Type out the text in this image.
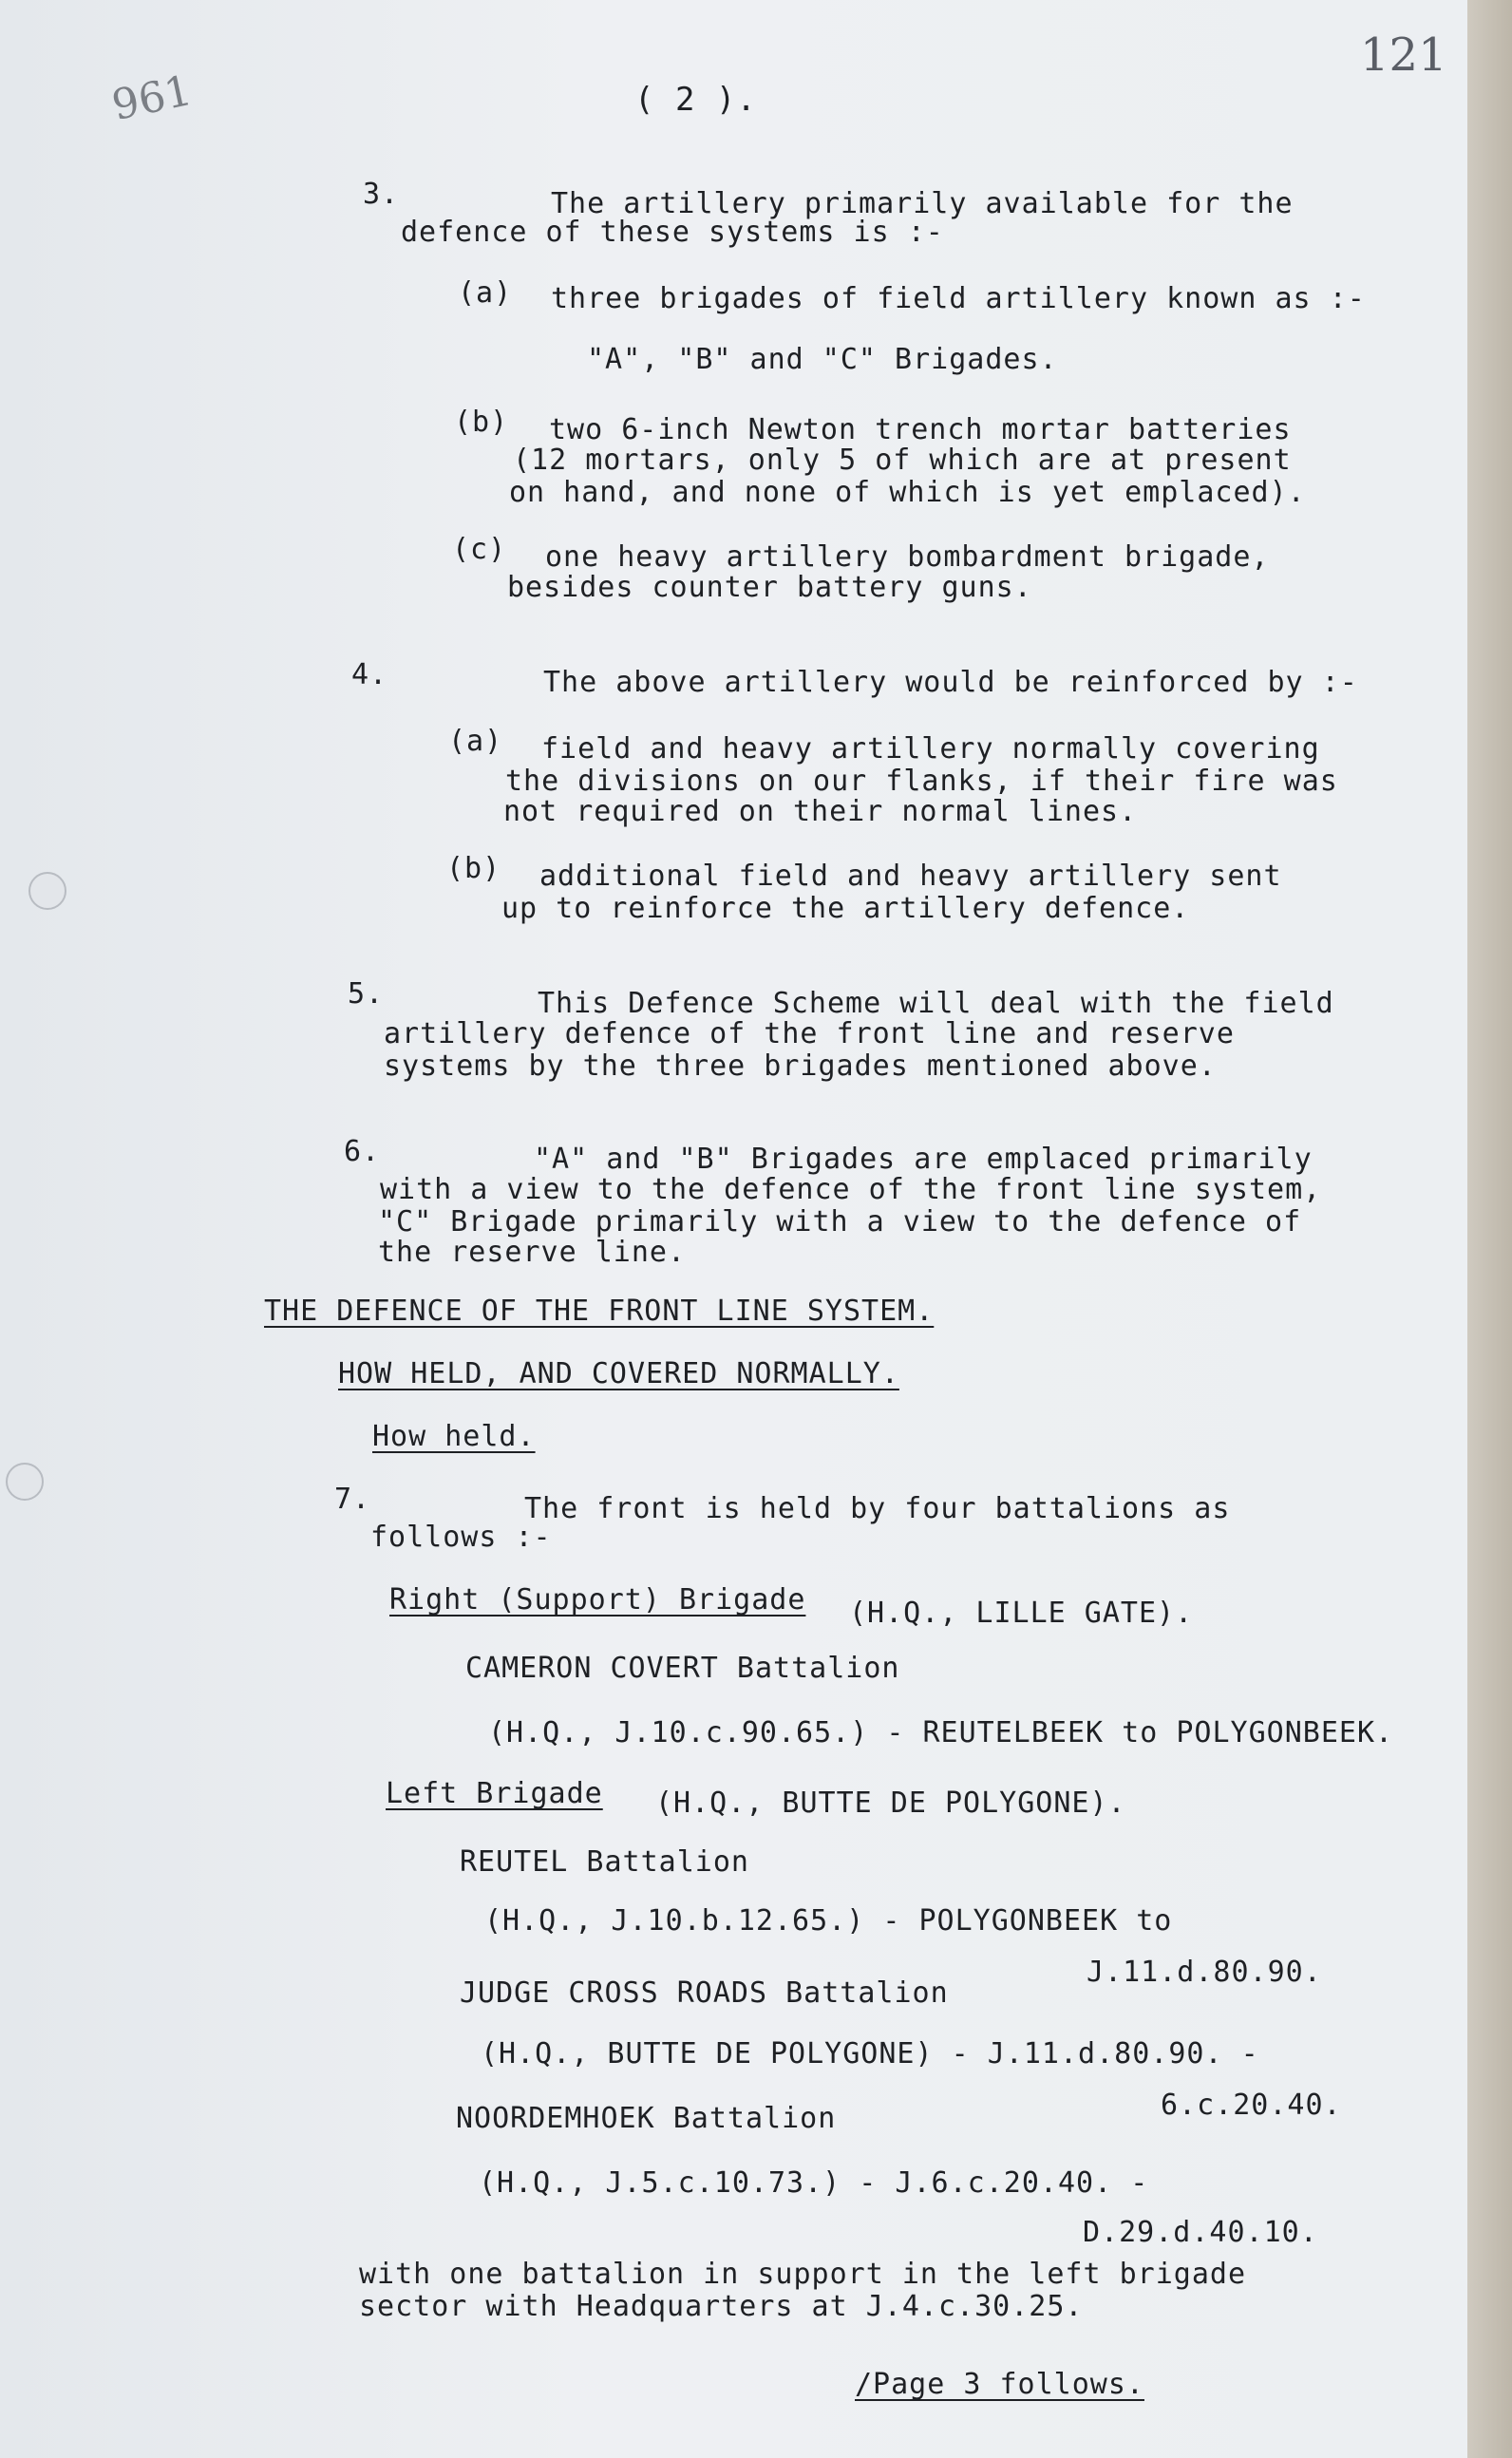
961
121
( 2 ).
3.	The artillery primarily available for the
defence of these systems is :-
(a) three brigades of field artillery known as :-
"A", "B" and "C" Brigades.
(b) two 6-inch Newton trench mortar batteries
(12 mortars, only 5 of which are at present
on hand, and none of which is yet emplaced).
(c) one heavy artillery bombardment brigade,
besides counter battery guns.
4.	The above artillery would be reinforced by :-
(a) field and heavy artillery normally covering
the divisions on our flanks, if their fire was
not required on their normal lines.
(b) additional field and heavy artillery sent
up to reinforce the artillery defence.
5.	This Defence Scheme will deal with the field
artillery defence of the front line and reserve
systems by the three brigades mentioned above.
6.	"A" and "B" Brigades are emplaced primarily
with a view to the defence of the front line system,
"C" Brigade primarily with a view to the defence of
the reserve line.
THE DEFENCE OF THE FRONT LINE SYSTEM.
HOW HELD, AND COVERED NORMALLY.
How held.
7.	The front is held by four battalions as
follows :-
Right (Support) Brigade (H.Q., LILLE GATE).
CAMERON COVERT Battalion
(H.Q., J.10.c.90.65.) - REUTELBEEK to POLYGONBEEK.
Left Brigade (H.Q., BUTTE DE POLYGONE).
REUTEL Battalion
(H.Q., J.10.b.12.65.) - POLYGONBEEK to
J.11.d.80.90.
JUDGE CROSS ROADS Battalion
(H.Q., BUTTE DE POLYGONE) - J.11.d.80.90. -
6.c.20.40.
NOORDEMHOEK Battalion
(H.Q., J.5.c.10.73.) - J.6.c.20.40. -
D.29.d.40.10.
with one battalion in support in the left brigade
sector with Headquarters at J.4.c.30.25.
/Page 3 follows.
